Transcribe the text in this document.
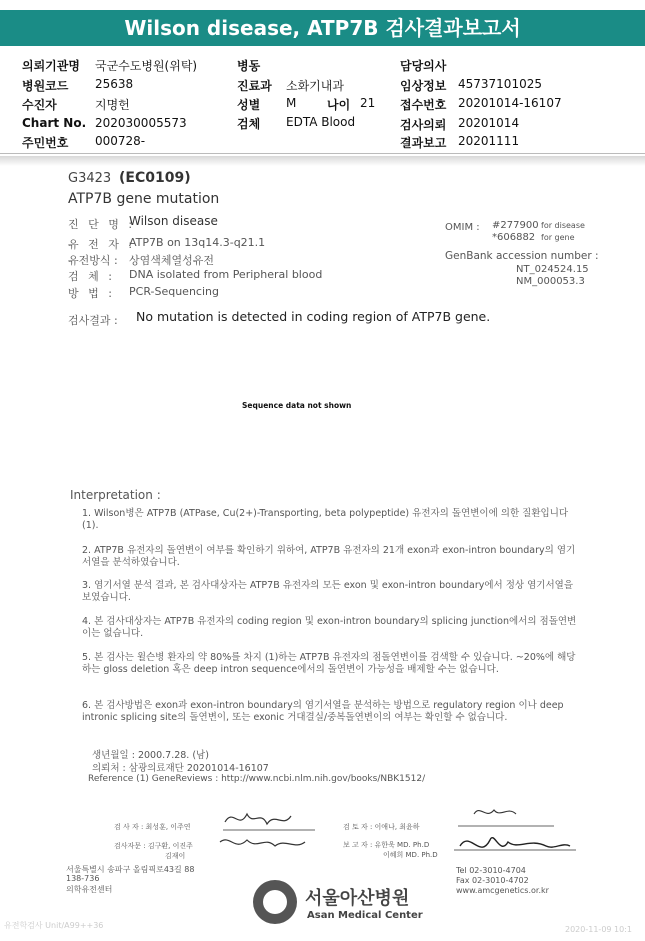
Wilson disease, ATP7B 검사결과보고서
의뢰기관명 국군수도병원(위탁)
병원코드 25638
수진자	지명헌
Chart No. 202030005573
주민번호 000728-
병동
진료과 소화기내과
성별 M	나이 21
검체 EDTA Blood
담당의사
임상정보 45737101025
접수번호 20201014-16107
검사의뢰 20201014
결과보고 20201111
G3423 (EC0109)
ATP7B gene mutation
진 단 명 :
Wilson disease
유 전 자 :
ATP7B on 13q14.3-q21.1
유전방식 : 상염색체열성유전
검 체 : DNA isolated from Peripheral blood
방 법 : PCR-Sequencing
OMIM : #277900 for disease
*606882 for gene
GenBank accession number :
NT_024524.15
NM_000053.3
검사결과 : No mutation is detected in coding region of ATP7B gene.
Sequence data not shown
Interpretation :
1. Wilson병은 ATP7B (ATPase, Cu(2+)-Transporting, beta polypeptide) 유전자의 돌연변이에 의한 질환입니다 (1).
2. ATP7B 유전자의 돌연변이 여부를 확인하기 위하여, ATP7B 유전자의 21개 exon과 exon-intron boundary의 염기서열을 분석하였습니다.
3. 염기서열 분석 결과, 본 검사대상자는 ATP7B 유전자의 모든 exon 및 exon-intron boundary에서 정상 염기서열을 보였습니다.
4. 본 검사대상자는 ATP7B 유전자의 coding region 및 exon-intron boundary의 splicing junction에서의 점돌연변이는 없습니다.
5. 본 검사는 윌슨병 환자의 약 80%를 차지 (1)하는 ATP7B 유전자의 점돌연변이를 검색할 수 있습니다. ~20%에 해당하는 gloss deletion 혹은 deep intron sequence에서의 돌연변이 가능성을 배제할 수는 없습니다.
6. 본 검사방법은 exon과 exon-intron boundary의 염기서열을 분석하는 방법으로 regulatory region 이나 deep intronic splicing site의 돌연변이, 또는 exonic 거대결실/중복돌연변이의 여부는 확인할 수 없습니다.
생년월일 : 2000.7.28. (남)
의뢰처 : 삼광의료재단 20201014-16107
Reference (1) GeneReviews : http://www.ncbi.nlm.nih.gov/books/NBK1512/
검 사 자 : 최성훈, 이주연
검사자문 : 김구환, 이진주
김재이
검 토 자 : 이애나, 최윤하
보 고 자 : 유한욱 MD. Ph.D
이혜희 MD. Ph.D
서울특별시 송파구 올림픽로43길 88
138-736
의학유전센터
Tel 02-3010-4704
Fax 02-3010-4702
www.amcgenetics.or.kr
서울아산병원
Asan Medical Center
유전학검사 Unit/A99++36	2020-11-09 10:1
